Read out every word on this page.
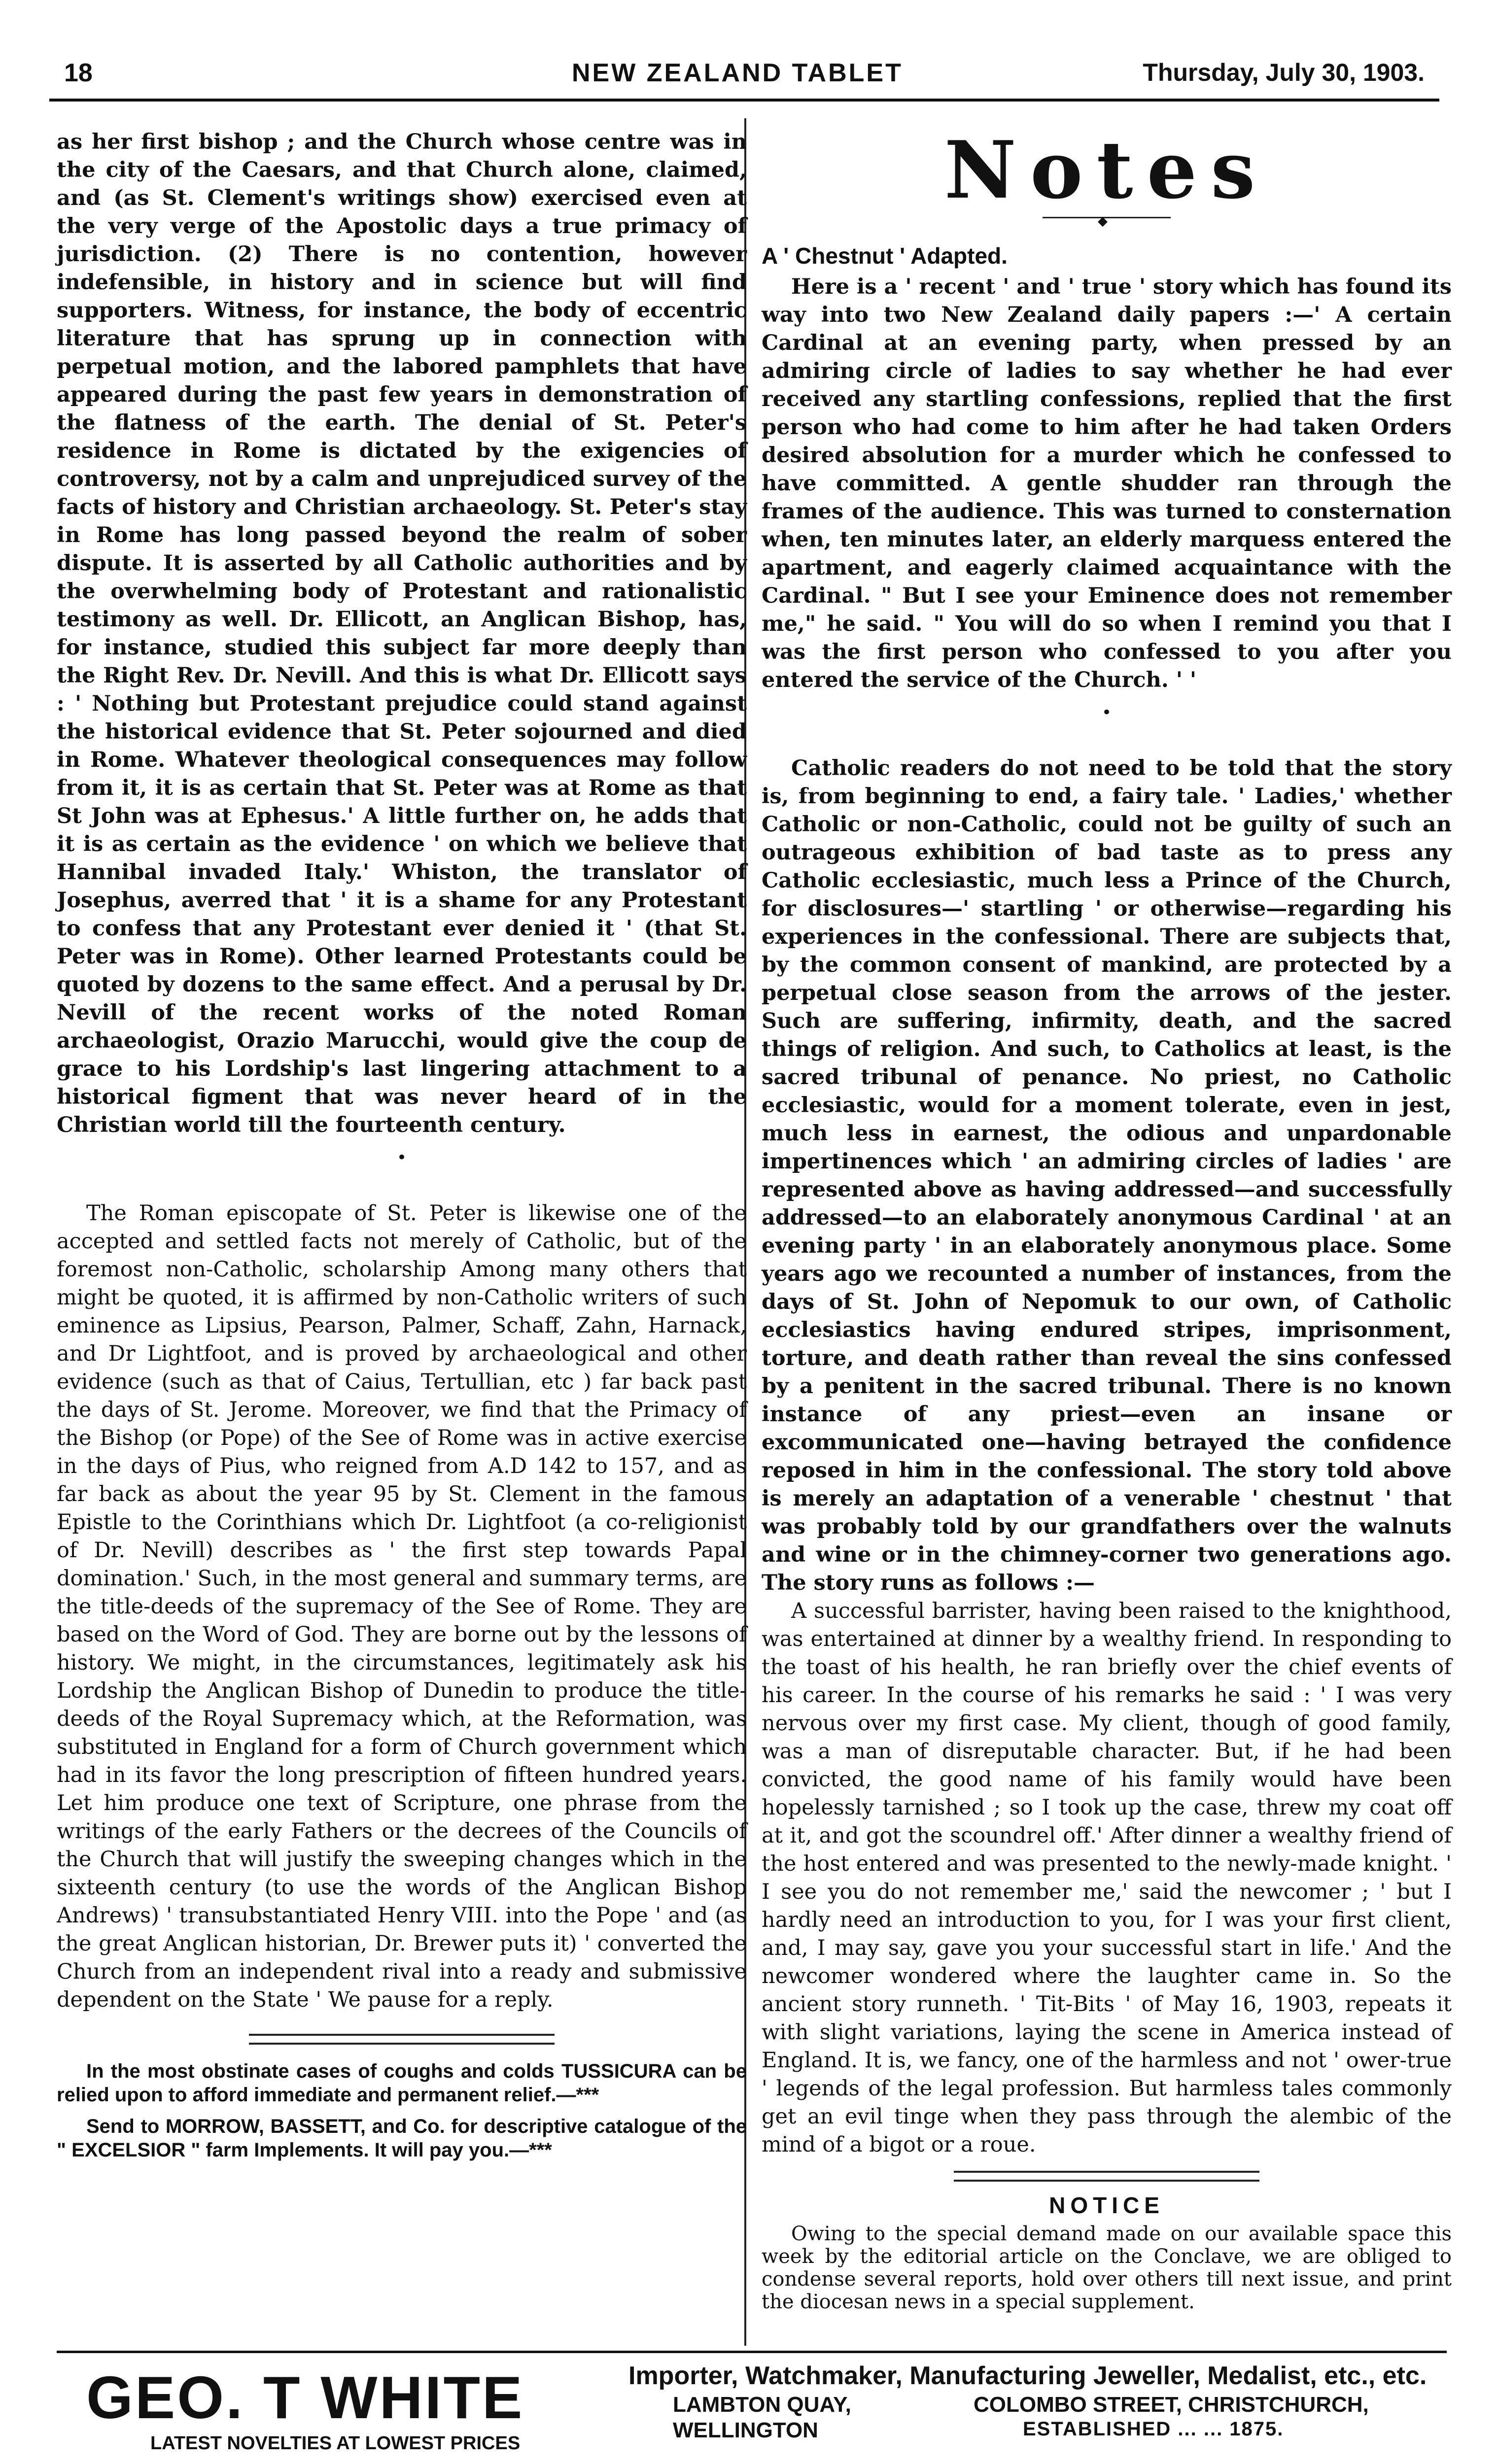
18	NEW ZEALAND TABLET	Thursday, July 30, 1903.

as her first bishop ; and the Church whose centre was in the city of the Caesars, and that Church alone, claimed, and (as St. Clement's writings show) exercised even at the very verge of the Apostolic days a true primacy of jurisdiction. (2) There is no contention, however indefensible, in history and in science but will find supporters. Witness, for instance, the body of eccentric literature that has sprung up in connection with perpetual motion, and the labored pamphlets that have appeared during the past few years in demonstration of the flatness of the earth. The denial of St. Peter's residence in Rome is dictated by the exigencies of controversy, not by a calm and unprejudiced survey of the facts of history and Christian archaeology. St. Peter's stay in Rome has long passed beyond the realm of sober dispute. It is asserted by all Catholic authorities and by the overwhelming body of Protestant and rationalistic testimony as well. Dr. Ellicott, an Anglican Bishop, has, for instance, studied this subject far more deeply than the Right Rev. Dr. Nevill. And this is what Dr. Ellicott says : ' Nothing but Protestant prejudice could stand against the historical evidence that St. Peter sojourned and died in Rome. Whatever theological consequences may follow from it, it is as certain that St. Peter was at Rome as that St John was at Ephesus.' A little further on, he adds that it is as certain as the evidence ' on which we believe that Hannibal invaded Italy.' Whiston, the translator of Josephus, averred that ' it is a shame for any Protestant to confess that any Protestant ever denied it ' (that St. Peter was in Rome). Other learned Protestants could be quoted by dozens to the same effect. And a perusal by Dr. Nevill of the recent works of the noted Roman archaeologist, Orazio Marucchi, would give the coup de grace to his Lordship's last lingering attachment to a historical figment that was never heard of in the Christian world till the fourteenth century.

•

The Roman episcopate of St. Peter is likewise one of the accepted and settled facts not merely of Catholic, but of the foremost non-Catholic, scholarship Among many others that might be quoted, it is affirmed by non-Catholic writers of such eminence as Lipsius, Pearson, Palmer, Schaff, Zahn, Harnack, and Dr Lightfoot, and is proved by archaeological and other evidence (such as that of Caius, Tertullian, etc ) far back past the days of St. Jerome. Moreover, we find that the Primacy of the Bishop (or Pope) of the See of Rome was in active exercise in the days of Pius, who reigned from A.D 142 to 157, and as far back as about the year 95 by St. Clement in the famous Epistle to the Corinthians which Dr. Lightfoot (a co-religionist of Dr. Nevill) describes as ' the first step towards Papal domination.' Such, in the most general and summary terms, are the title-deeds of the supremacy of the See of Rome. They are based on the Word of God. They are borne out by the lessons of history. We might, in the circumstances, legitimately ask his Lordship the Anglican Bishop of Dunedin to produce the title-deeds of the Royal Supremacy which, at the Reformation, was substituted in England for a form of Church government which had in its favor the long prescription of fifteen hundred years. Let him produce one text of Scripture, one phrase from the writings of the early Fathers or the decrees of the Councils of the Church that will justify the sweeping changes which in the sixteenth century (to use the words of the Anglican Bishop Andrews) ' transubstantiated Henry VIII. into the Pope ' and (as the great Anglican historian, Dr. Brewer puts it) ' converted the Church from an independent rival into a ready and submissive dependent on the State ' We pause for a reply.

In the most obstinate cases of coughs and colds TUSSICURA can be relied upon to afford immediate and permanent relief.—***

Send to MORROW, BASSETT, and Co. for descriptive catalogue of the " EXCELSIOR " farm Implements. It will pay you.—***

Notes
◆
A ' Chestnut ' Adapted.

Here is a ' recent ' and ' true ' story which has found its way into two New Zealand daily papers :—' A certain Cardinal at an evening party, when pressed by an admiring circle of ladies to say whether he had ever received any startling confessions, replied that the first person who had come to him after he had taken Orders desired absolution for a murder which he confessed to have committed. A gentle shudder ran through the frames of the audience. This was turned to consternation when, ten minutes later, an elderly marquess entered the apartment, and eagerly claimed acquaintance with the Cardinal. " But I see your Eminence does not remember me," he said. " You will do so when I remind you that I was the first person who confessed to you after you entered the service of the Church. ' '

•

Catholic readers do not need to be told that the story is, from beginning to end, a fairy tale. ' Ladies,' whether Catholic or non-Catholic, could not be guilty of such an outrageous exhibition of bad taste as to press any Catholic ecclesiastic, much less a Prince of the Church, for disclosures—' startling ' or otherwise—regarding his experiences in the confessional. There are subjects that, by the common consent of mankind, are protected by a perpetual close season from the arrows of the jester. Such are suffering, infirmity, death, and the sacred things of religion. And such, to Catholics at least, is the sacred tribunal of penance. No priest, no Catholic ecclesiastic, would for a moment tolerate, even in jest, much less in earnest, the odious and unpardonable impertinences which ' an admiring circles of ladies ' are represented above as having addressed—and successfully addressed—to an elaborately anonymous Cardinal ' at an evening party ' in an elaborately anonymous place. Some years ago we recounted a number of instances, from the days of St. John of Nepomuk to our own, of Catholic ecclesiastics having endured stripes, imprisonment, torture, and death rather than reveal the sins confessed by a penitent in the sacred tribunal. There is no known instance of any priest—even an insane or excommunicated one—having betrayed the confidence reposed in him in the confessional. The story told above is merely an adaptation of a venerable ' chestnut ' that was probably told by our grandfathers over the walnuts and wine or in the chimney-corner two generations ago. The story runs as follows :—

A successful barrister, having been raised to the knighthood, was entertained at dinner by a wealthy friend. In responding to the toast of his health, he ran briefly over the chief events of his career. In the course of his remarks he said : ' I was very nervous over my first case. My client, though of good family, was a man of disreputable character. But, if he had been convicted, the good name of his family would have been hopelessly tarnished ; so I took up the case, threw my coat off at it, and got the scoundrel off.' After dinner a wealthy friend of the host entered and was presented to the newly-made knight. ' I see you do not remember me,' said the newcomer ; ' but I hardly need an introduction to you, for I was your first client, and, I may say, gave you your successful start in life.' And the newcomer wondered where the laughter came in. So the ancient story runneth. ' Tit-Bits ' of May 16, 1903, repeats it with slight variations, laying the scene in America instead of England. It is, we fancy, one of the harmless and not ' ower-true ' legends of the legal profession. But harmless tales commonly get an evil tinge when they pass through the alembic of the mind of a bigot or a roue.

NOTICE

Owing to the special demand made on our available space this week by the editorial article on the Conclave, we are obliged to condense several reports, hold over others till next issue, and print the diocesan news in a special supplement.

GEO. T WHITE
LATEST NOVELTIES AT LOWEST PRICES
Importer, Watchmaker, Manufacturing Jeweller, Medalist, etc., etc.
LAMBTON QUAY,	COLOMBO STREET, CHRISTCHURCH,
WELLINGTON	ESTABLISHED ... ... 1875.
